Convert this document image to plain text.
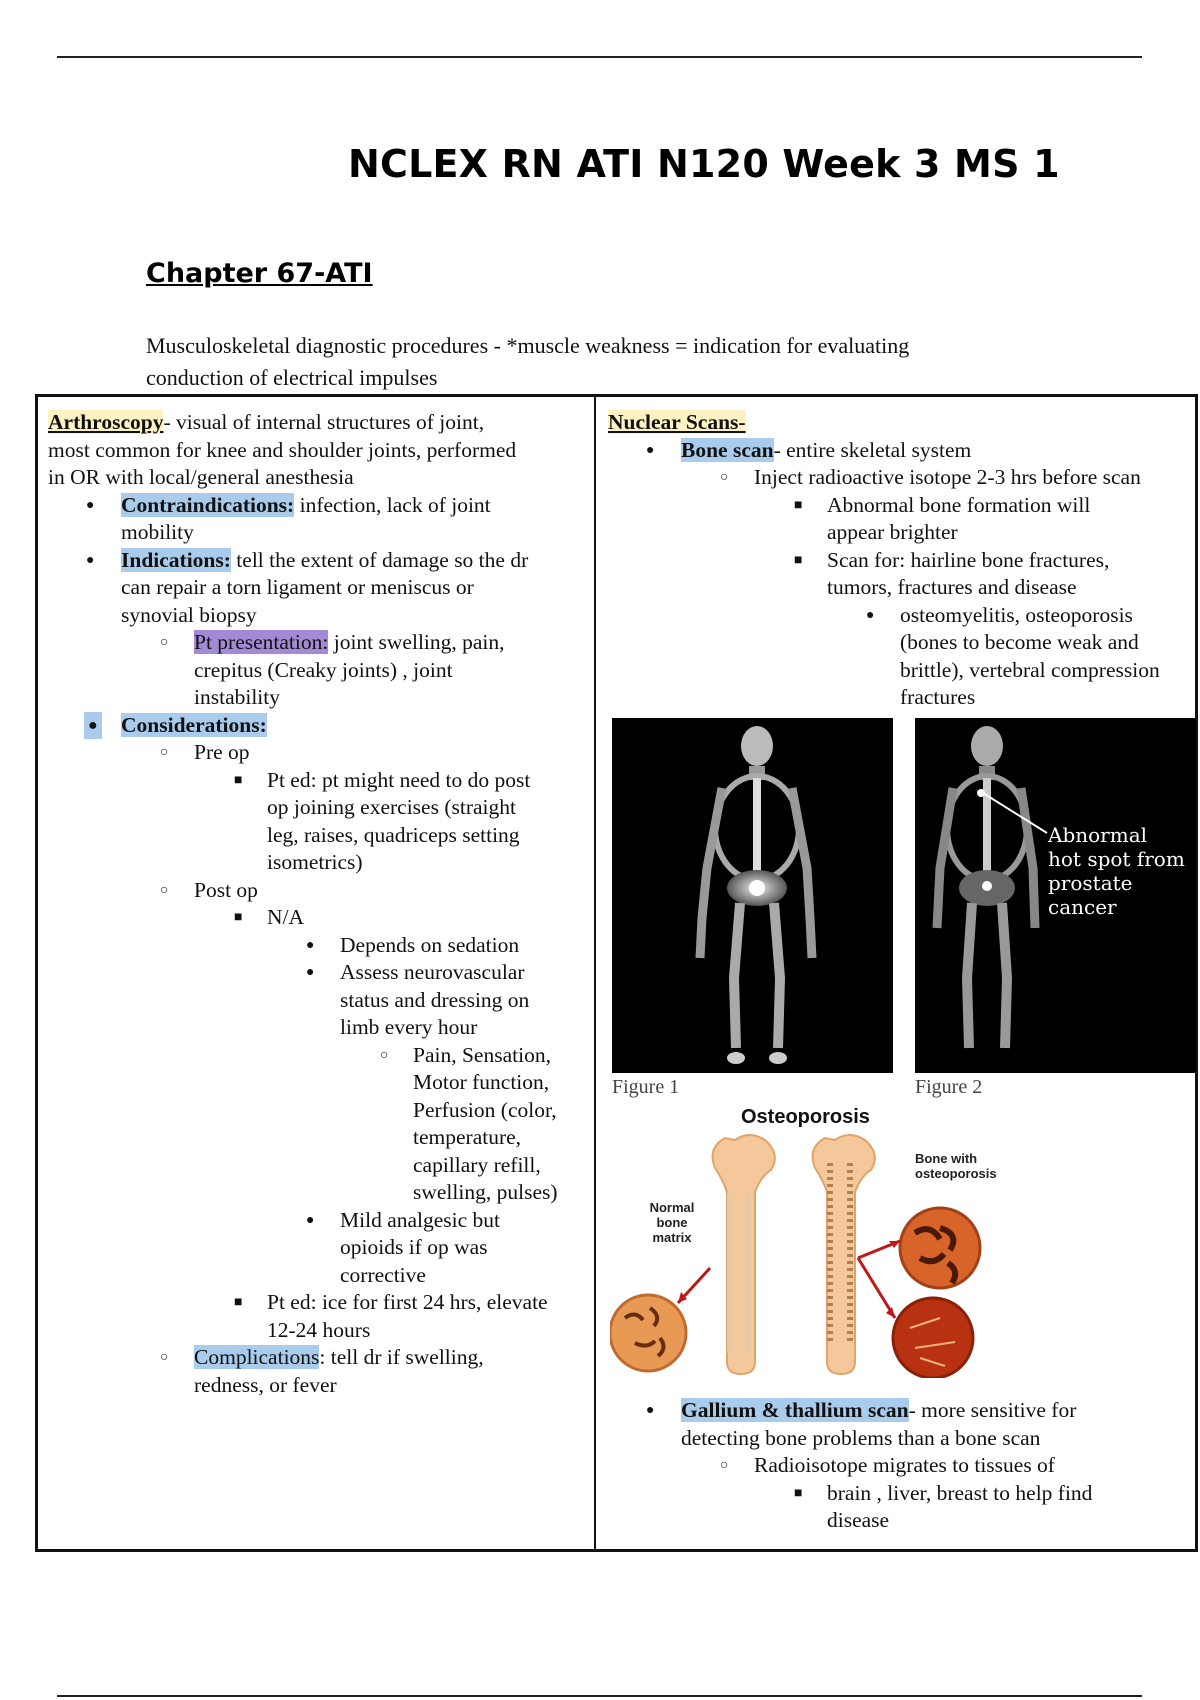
NCLEX RN ATI N120 Week 3 MS 1
Chapter 67-ATI
Musculoskeletal diagnostic procedures - *muscle weakness = indication for evaluating
conduction of electrical impulses
Arthroscopy- visual of internal structures of joint,
most common for knee and shoulder joints, performed
in OR with local/general anesthesia
● Contraindications: infection, lack of joint
mobility
● Indications: tell the extent of damage so the dr
can repair a torn ligament or meniscus or
synovial biopsy
○ Pt presentation: joint swelling, pain,
crepitus (Creaky joints) , joint
instability
● Considerations:
○ Pre op
■ Pt ed: pt might need to do post
op joining exercises (straight
leg, raises, quadriceps setting
isometrics)
○ Post op
■ N/A
● Depends on sedation
● Assess neurovascular
status and dressing on
limb every hour
○ Pain, Sensation,
Motor function,
Perfusion (color,
temperature,
capillary refill,
swelling, pulses)
● Mild analgesic but
opioids if op was
corrective
■ Pt ed: ice for first 24 hrs, elevate
12-24 hours
○ Complications: tell dr if swelling,
redness, or fever
Nuclear Scans-
● Bone scan- entire skeletal system
○ Inject radioactive isotope 2-3 hrs before scan
■ Abnormal bone formation will
appear brighter
■ Scan for: hairline bone fractures,
tumors, fractures and disease
● osteomyelitis, osteoporosis
(bones to become weak and
brittle), vertebral compression
fractures
Figure 1
Abnormal
hot spot from
prostate
cancer
Figure 2
Osteoporosis
Bone with
osteoporosis
Normal
bone
matrix
● Gallium & thallium scan- more sensitive for
detecting bone problems than a bone scan
○ Radioisotope migrates to tissues of
■ brain , liver, breast to help find
disease
